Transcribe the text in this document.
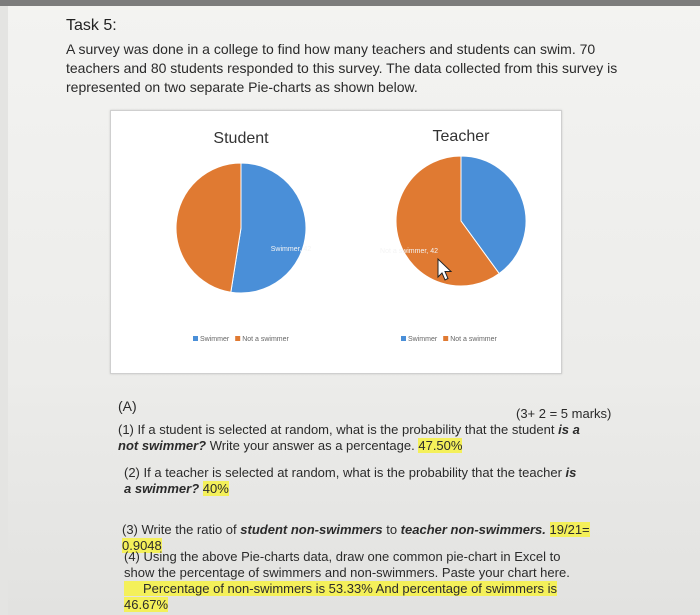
Task 5:
A survey was done in a college to find how many teachers and students can swim. 70 teachers and 80 students responded to this survey. The data collected from this survey is represented on two separate Pie-charts as shown below.
Student
Swimmer, 42
Swimmer Not a swimmer
Teacher
Not a swimmer, 42
Swimmer Not a swimmer
(A)	(3+ 2 = 5 marks)
(1) If a student is selected at random, what is the probability that the student is a not swimmer? Write your answer as a percentage. 47.50%
(2) If a teacher is selected at random, what is the probability that the teacher is a swimmer? 40%
(3) Write the ratio of student non-swimmers to teacher non-swimmers. 19/21= 0.9048
(4) Using the above Pie-charts data, draw one common pie-chart in Excel to show the percentage of swimmers and non-swimmers. Paste your chart here.
Percentage of non-swimmers is 53.33% And percentage of swimmers is 46.67%
